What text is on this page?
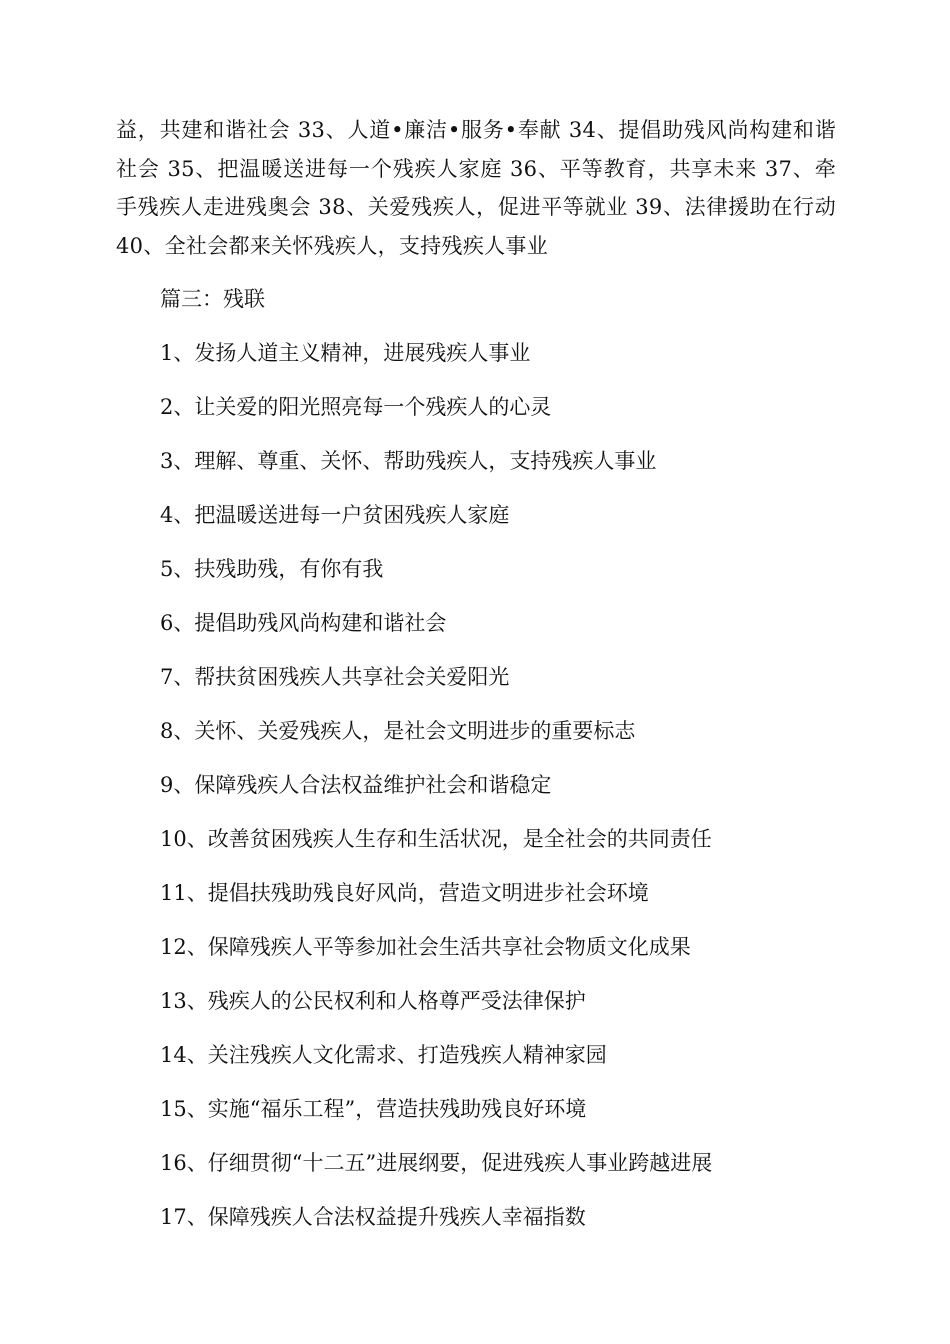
益，共建和谐社会 33、人道•廉洁•服务•奉献 34、提倡助残风尚构建和谐社会 35、把温暖送进每一个残疾人家庭 36、平等教育，共享未来 37、牵手残疾人走进残奥会 38、关爱残疾人，促进平等就业 39、法律援助在行动 40、全社会都来关怀残疾人，支持残疾人事业

篇三：残联

1、发扬人道主义精神，进展残疾人事业
2、让关爱的阳光照亮每一个残疾人的心灵
3、理解、尊重、关怀、帮助残疾人，支持残疾人事业
4、把温暖送进每一户贫困残疾人家庭
5、扶残助残，有你有我
6、提倡助残风尚构建和谐社会
7、帮扶贫困残疾人共享社会关爱阳光
8、关怀、关爱残疾人，是社会文明进步的重要标志
9、保障残疾人合法权益维护社会和谐稳定
10、改善贫困残疾人生存和生活状况，是全社会的共同责任
11、提倡扶残助残良好风尚，营造文明进步社会环境
12、保障残疾人平等参加社会生活共享社会物质文化成果
13、残疾人的公民权利和人格尊严受法律保护
14、关注残疾人文化需求、打造残疾人精神家园
15、实施“福乐工程”，营造扶残助残良好环境
16、仔细贯彻“十二五”进展纲要，促进残疾人事业跨越进展
17、保障残疾人合法权益提升残疾人幸福指数
